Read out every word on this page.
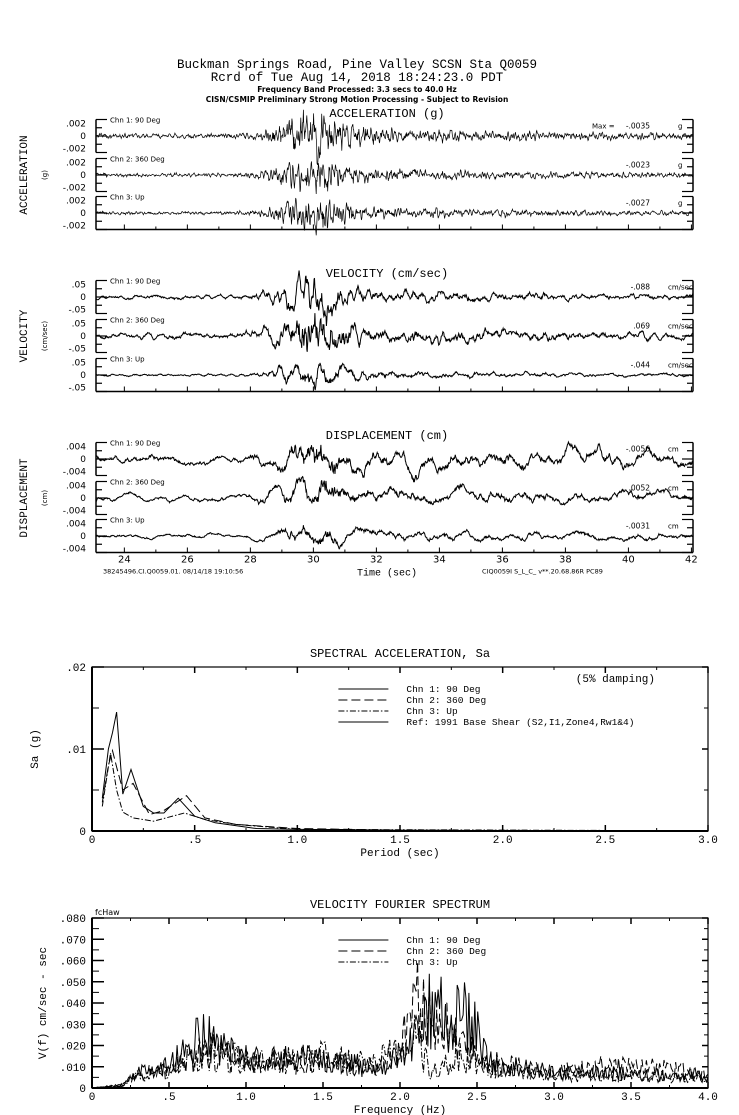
Buckman Springs Road, Pine Valley SCSN Sta Q0059
Rcrd of Tue Aug 14, 2018 18:24:23.0 PDT
Frequency Band Processed: 3.3 secs to 40.0 Hz
CISN/CSMIP Preliminary Strong Motion Processing - Subject to Revision
ACCELERATION (g)
ACCELERATION (g)
.002
0
-.002
Chn 1: 90 Deg
Max = -.0035	g
.002
0
-.002
Chn 2: 360 Deg
-.0023	g
.002
0
-.002
Chn 3: Up
-.0027	g
VELOCITY (cm/sec)
VELOCITY (cm/sec)
.05
0
-.05
Chn 1: 90 Deg
-.088	cm/sec
.05
0
-.05
Chn 2: 360 Deg
.069	cm/sec
.05
0
-.05
Chn 3: Up
-.044	cm/sec
DISPLACEMENT (cm)
DISPLACEMENT (cm)
.004
0
-.004
Chn 1: 90 Deg
-.0056	cm
.004
0
-.004
Chn 2: 360 Deg
.0052	cm
.004
0
-.004
Chn 3: Up
-.0031	cm
24	26	28	30	32	34	36	38	40	42
Time (sec)
38245496.CI.Q0059.01. 08/14/18 19:10:56	CIQ0059I S_L_C_ v**.20.68.86R PC89
SPECTRAL ACCELERATION, Sa
Period (sec)
0	.5	1.0	1.5	2.0	2.5	3.0
0
.01
.02
Chn 1: 90 Deg
Chn 2: 360 Deg
Chn 3: Up
Ref: 1991 Base Shear (S2,I1,Zone4,Rw1&4)
(5% damping)
Sa (g)
VELOCITY FOURIER SPECTRUM
Frequency (Hz)
0	.5	1.0	1.5	2.0	2.5	3.0	3.5	4.0
0
.010
.020
.030
.040
.050
.060
.070
.080
Chn 1: 90 Deg
Chn 2: 360 Deg
Chn 3: Up
fcHaw
V(f) cm/sec - sec
